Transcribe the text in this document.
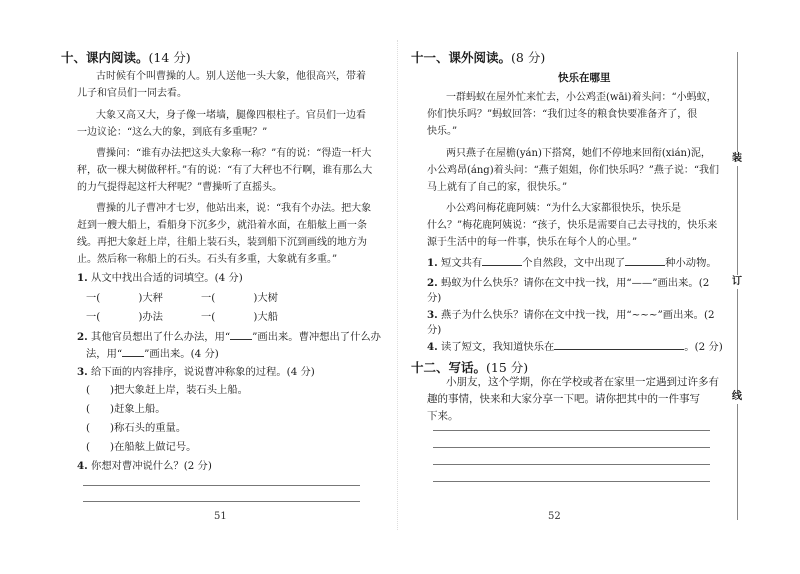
十、课内阅读。(14 分)
古时候有个叫曹操的人。别人送他一头大象，他很高兴，带着
儿子和官员们一同去看。
大象又高又大，身子像一堵墙，腿像四根柱子。官员们一边看
一边议论：“这么大的象，到底有多重呢？”
曹操问：“谁有办法把这头大象称一称？”有的说：“得造一杆大
秤，砍一棵大树做秤杆。”有的说：“有了大秤也不行啊，谁有那么大
的力气提得起这杆大秤呢？”曹操听了直摇头。
曹操的儿子曹冲才七岁，他站出来，说：“我有个办法。把大象
赶到一艘大船上，看船身下沉多少，就沿着水面，在船舷上画一条
线。再把大象赶上岸，往船上装石头，装到船下沉到画线的地方为
止。然后称一称船上的石头。石头有多重，大象就有多重。”
1. 从文中找出合适的词填空。(4 分)
一(	)大秤	一(	)大树
一(	)办法	一(	)大船
2. 其他官员想出了什么办法，用“ ”画出来。曹冲想出了什么办
法，用“ ”画出来。(4 分)
3. 给下面的内容排序，说说曹冲称象的过程。(4 分)
( )把大象赶上岸，装石头上船。
( )赶象上船。
( )称石头的重量。
( )在船舷上做记号。
4. 你想对曹冲说什么？(2 分)
51
十一、课外阅读。(8 分)
快乐在哪里
一群蚂蚁在屋外忙来忙去，小公鸡歪(wāi)着头问：“小蚂蚁，
你们快乐吗？”蚂蚁回答：“我们过冬的粮食快要准备齐了，很
快乐。”
两只燕子在屋檐(yán)下搭窝，她们不停地来回衔(xián)泥，
小公鸡昂(áng)着头问：“燕子姐姐，你们快乐吗？”燕子说：“我们
马上就有了自己的家，很快乐。”
小公鸡问梅花鹿阿姨：“为什么大家都很快乐，快乐是
什么？”梅花鹿阿姨说：“孩子，快乐是需要自己去寻找的，快乐来
源于生活中的每一件事，快乐在每个人的心里。”
1. 短文共有	个自然段，文中出现了	种小动物。
2. 蚂蚁为什么快乐？请你在文中找一找，用“——”画出来。(2
分)
3. 燕子为什么快乐？请你在文中找一找，用“~~~”画出来。(2
分)
4. 读了短文，我知道快乐在	。(2 分)
十二、写话。(15 分)
小朋友，这个学期，你在学校或者在家里一定遇到过许多有
趣的事情，快来和大家分享一下吧。请你把其中的一件事写
下来。
52
装
订
线
